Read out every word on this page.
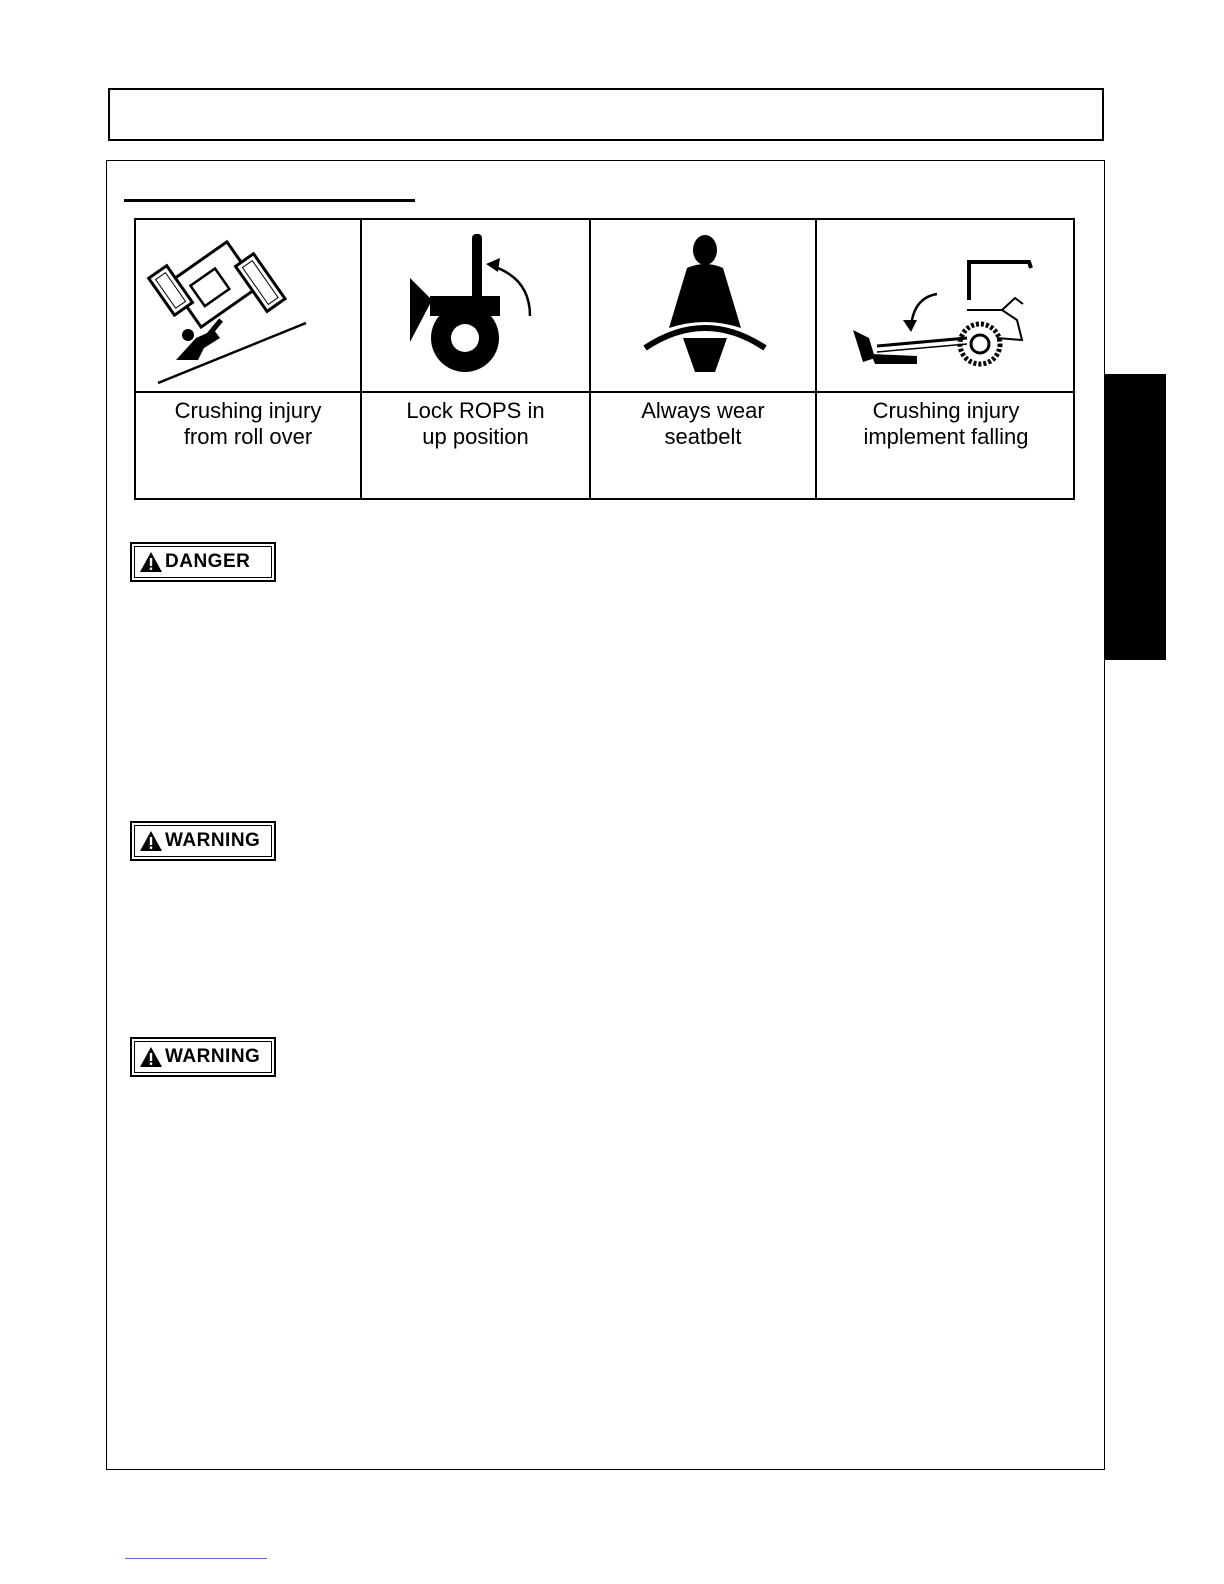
Crushing injury
from roll over
Lock ROPS in
up position
Always wear
seatbelt
Crushing injury
implement falling
DANGER
WARNING
WARNING
